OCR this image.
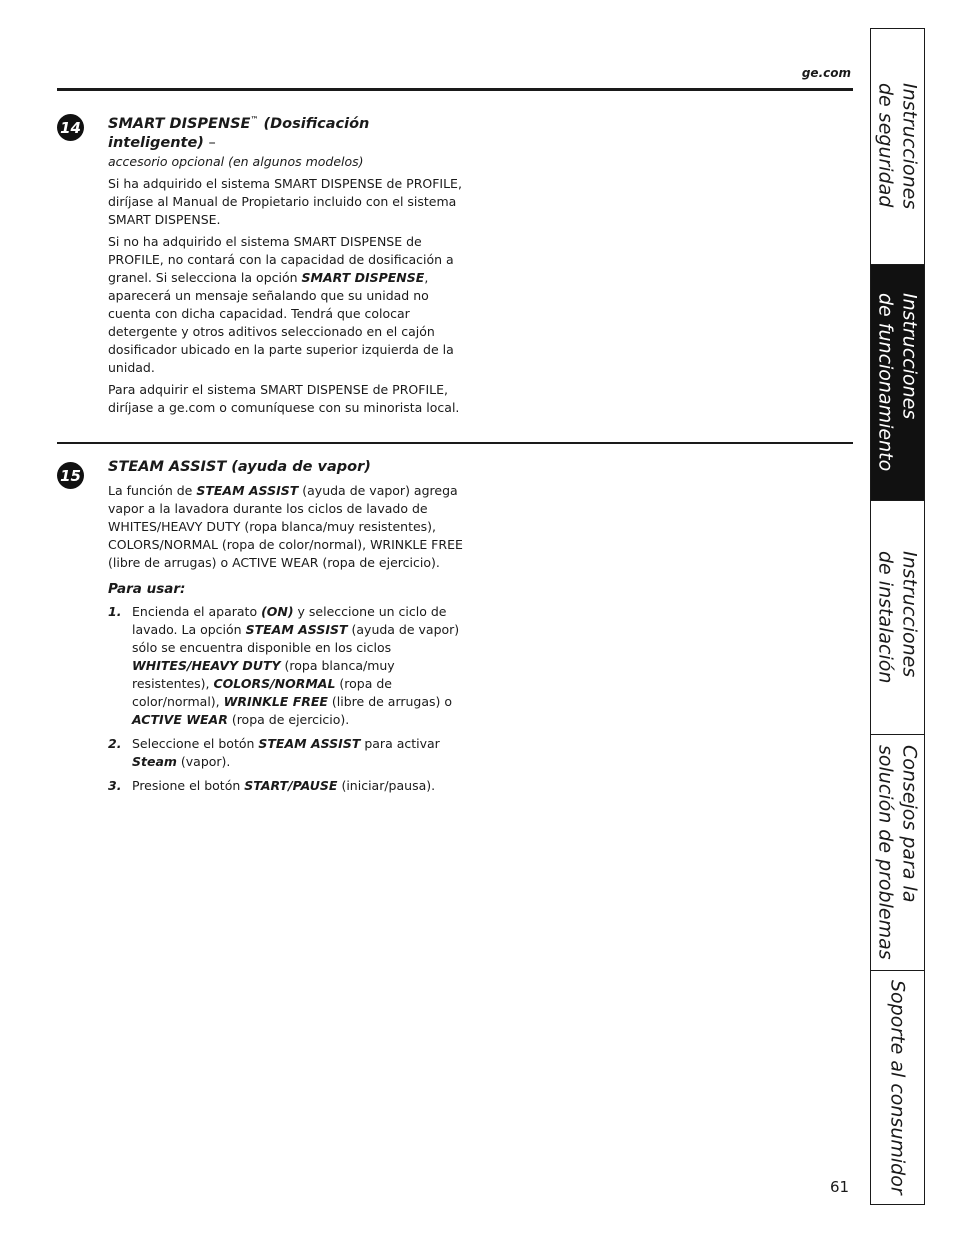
ge.com
14 SMART DISPENSE™ (Dosificación inteligente) –

accesorio opcional (en algunos modelos)

Si ha adquirido el sistema SMART DISPENSE de PROFILE, diríjase al Manual de Propietario incluido con el sistema SMART DISPENSE.

Si no ha adquirido el sistema SMART DISPENSE de PROFILE, no contará con la capacidad de dosificación a granel. Si selecciona la opción SMART DISPENSE, aparecerá un mensaje señalando que su unidad no cuenta con dicha capacidad. Tendrá que colocar detergente y otros aditivos seleccionado en el cajón dosificador ubicado en la parte superior izquierda de la unidad.

Para adquirir el sistema SMART DISPENSE de PROFILE, diríjase a ge.com o comuníquese con su minorista local.

15 STEAM ASSIST (ayuda de vapor)

La función de STEAM ASSIST (ayuda de vapor) agrega vapor a la lavadora durante los ciclos de lavado de WHITES/HEAVY DUTY (ropa blanca/muy resistentes), COLORS/NORMAL (ropa de color/normal), WRINKLE FREE (libre de arrugas) o ACTIVE WEAR (ropa de ejercicio).

Para usar:
1. Encienda el aparato (ON) y seleccione un ciclo de lavado. La opción STEAM ASSIST (ayuda de vapor) sólo se encuentra disponible en los ciclos WHITES/HEAVY DUTY (ropa blanca/muy resistentes), COLORS/NORMAL (ropa de color/normal), WRINKLE FREE (libre de arrugas) o ACTIVE WEAR (ropa de ejercicio).
2. Seleccione el botón STEAM ASSIST para activar Steam (vapor).
3. Presione el botón START/PAUSE (iniciar/pausa).
Instrucciones
de seguridad
Instrucciones
de funcionamiento
Instrucciones
de instalación
Consejos para la
solución de problemas
Soporte al consumidor
61
